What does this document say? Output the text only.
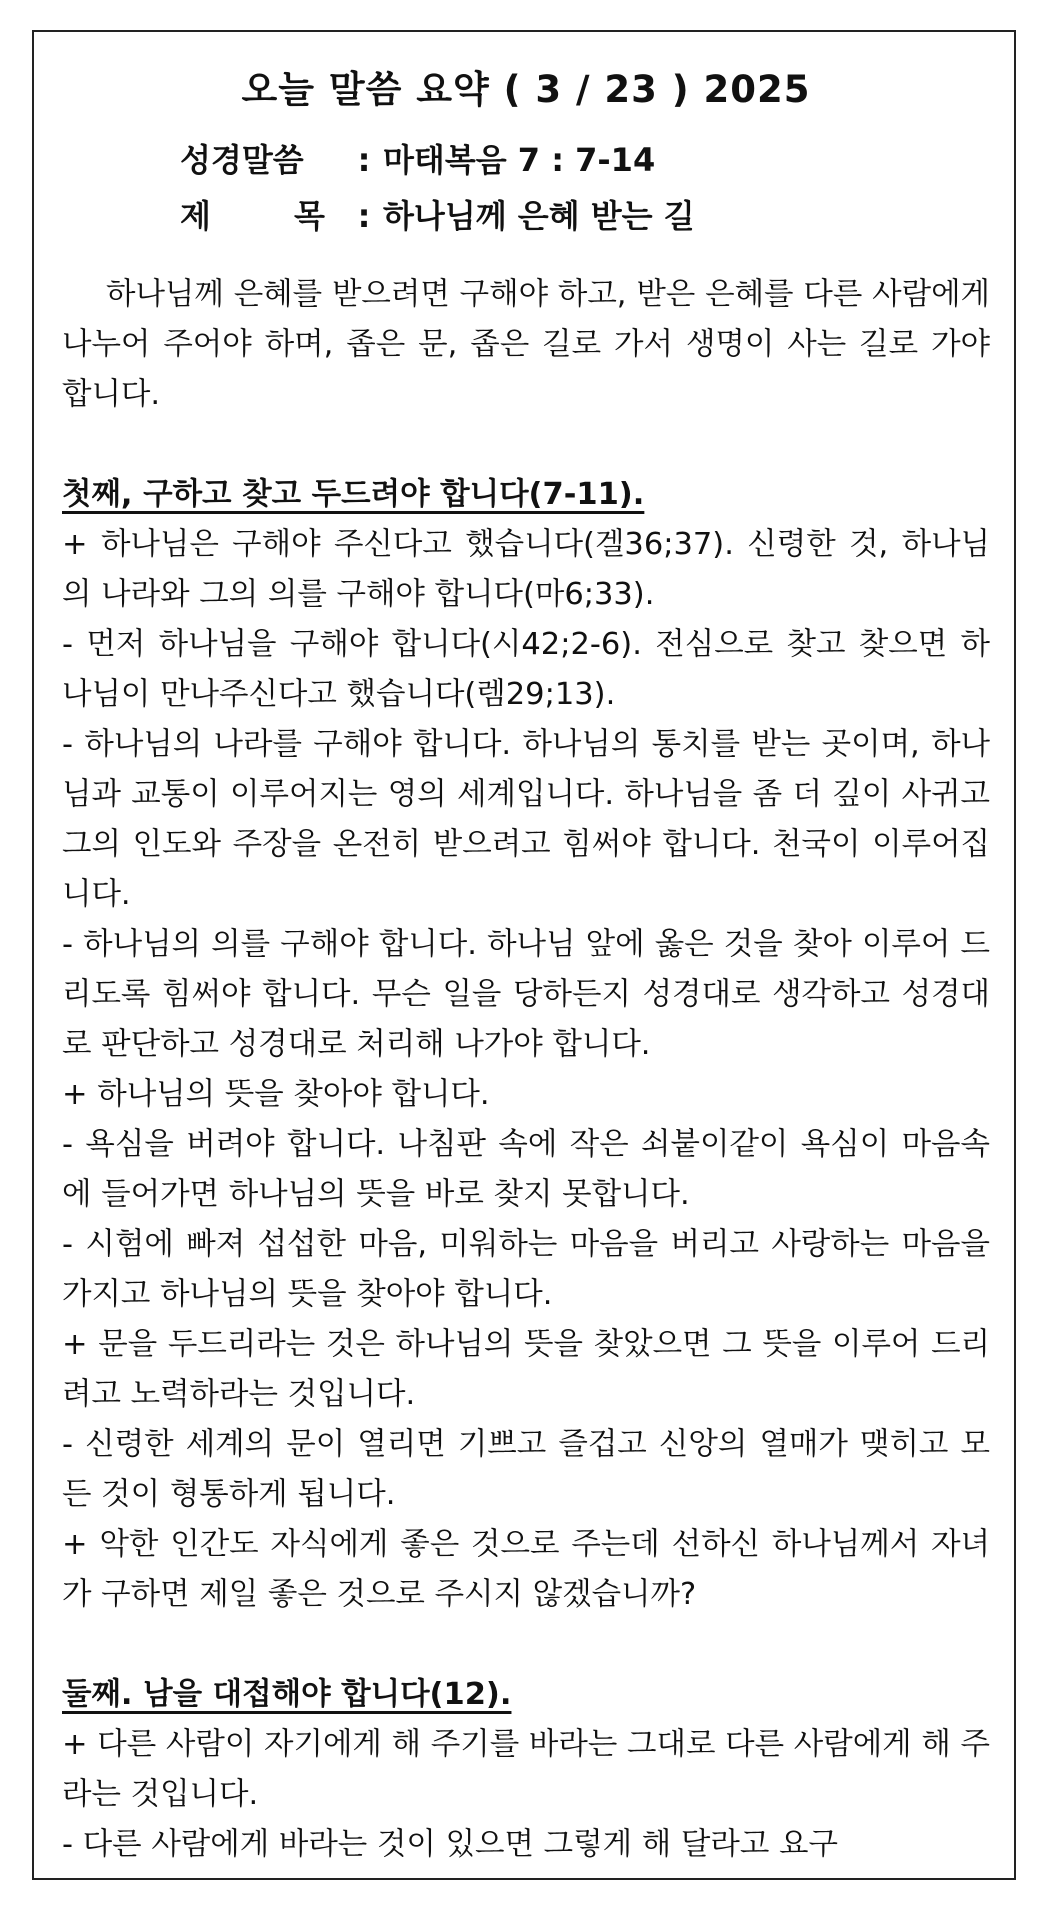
오늘 말씀 요약 ( 3 / 23 ) 2025
성경말씀 : 마태복음 7 : 7-14
제 목: 하나님께 은혜 받는 길

하나님께 은혜를 받으려면 구해야 하고, 받은 은혜를 다른 사람에게 나누어 주어야 하며, 좁은 문, 좁은 길로 가서 생명이 사는 길로 가야 합니다.

첫째, 구하고 찾고 두드려야 합니다(7-11).

+ 하나님은 구해야 주신다고 했습니다(겔36;37). 신령한 것, 하나님의 나라와 그의 의를 구해야 합니다(마6;33).

- 먼저 하나님을 구해야 합니다(시42;2-6). 전심으로 찾고 찾으면 하나님이 만나주신다고 했습니다(렘29;13).

- 하나님의 나라를 구해야 합니다. 하나님의 통치를 받는 곳이며, 하나님과 교통이 이루어지는 영의 세계입니다. 하나님을 좀 더 깊이 사귀고 그의 인도와 주장을 온전히 받으려고 힘써야 합니다. 천국이 이루어집니다.

- 하나님의 의를 구해야 합니다. 하나님 앞에 옳은 것을 찾아 이루어 드리도록 힘써야 합니다. 무슨 일을 당하든지 성경대로 생각하고 성경대로 판단하고 성경대로 처리해 나가야 합니다.

+ 하나님의 뜻을 찾아야 합니다.

- 욕심을 버려야 합니다. 나침판 속에 작은 쇠붙이같이 욕심이 마음속에 들어가면 하나님의 뜻을 바로 찾지 못합니다.

- 시험에 빠져 섭섭한 마음, 미워하는 마음을 버리고 사랑하는 마음을 가지고 하나님의 뜻을 찾아야 합니다.

+ 문을 두드리라는 것은 하나님의 뜻을 찾았으면 그 뜻을 이루어 드리려고 노력하라는 것입니다.

- 신령한 세계의 문이 열리면 기쁘고 즐겁고 신앙의 열매가 맺히고 모든 것이 형통하게 됩니다.

+ 악한 인간도 자식에게 좋은 것으로 주는데 선하신 하나님께서 자녀가 구하면 제일 좋은 것으로 주시지 않겠습니까?

둘째. 남을 대접해야 합니다(12).

+ 다른 사람이 자기에게 해 주기를 바라는 그대로 다른 사람에게 해 주라는 것입니다.

- 다른 사람에게 바라는 것이 있으면 그렇게 해 달라고 요구
